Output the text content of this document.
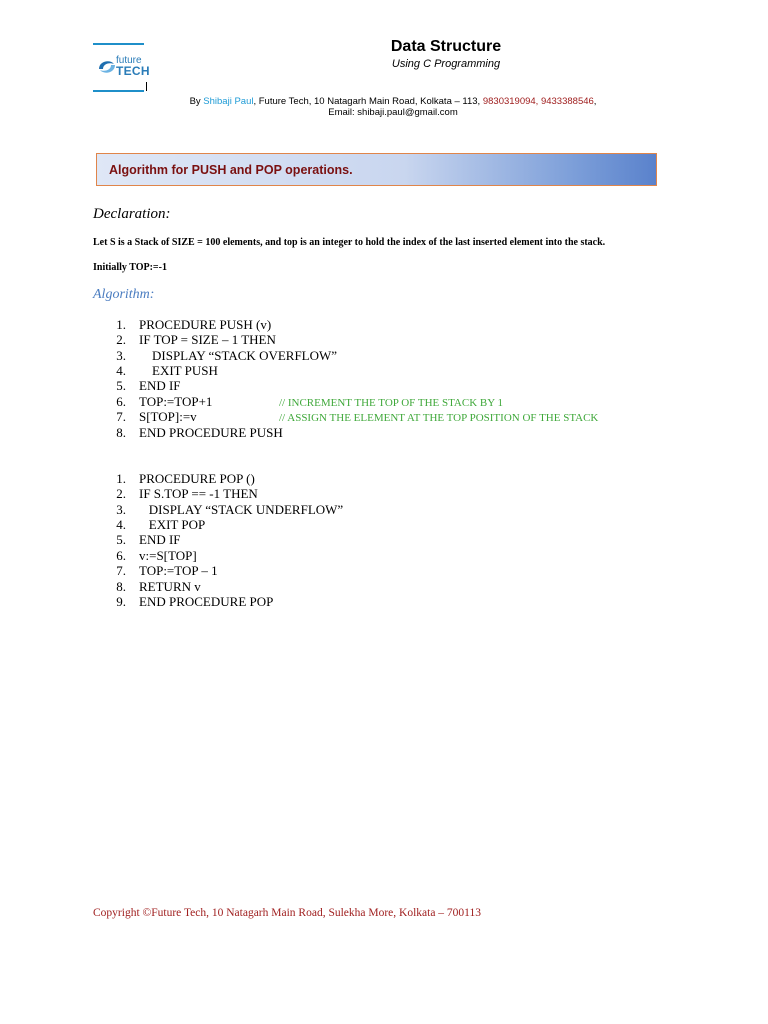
future
TECH
Data Structure
Using C Programming
By Shibaji Paul, Future Tech, 10 Natagarh Main Road, Kolkata – 113, 9830319094, 9433388546,
Email: shibaji.paul@gmail.com
Algorithm for PUSH and POP operations.
Declaration:
Let S is a Stack of SIZE = 100 elements, and top is an integer to hold the index of the last inserted element into the stack.
Initially TOP:=-1
Algorithm:
1. PROCEDURE PUSH (v)
2. IF TOP = SIZE – 1 THEN
3. DISPLAY “STACK OVERFLOW”
4. EXIT PUSH
5. END IF
6. TOP:=TOP+1	// INCREMENT THE TOP OF THE STACK BY 1
7. S[TOP]:=v	// ASSIGN THE ELEMENT AT THE TOP POSITION OF THE STACK
8. END PROCEDURE PUSH
1. PROCEDURE POP ()
2. IF S.TOP == -1 THEN
3. DISPLAY “STACK UNDERFLOW”
4. EXIT POP
5. END IF
6. v:=S[TOP]
7. TOP:=TOP – 1
8. RETURN v
9. END PROCEDURE POP
Copyright ©Future Tech, 10 Natagarh Main Road, Sulekha More, Kolkata – 700113
